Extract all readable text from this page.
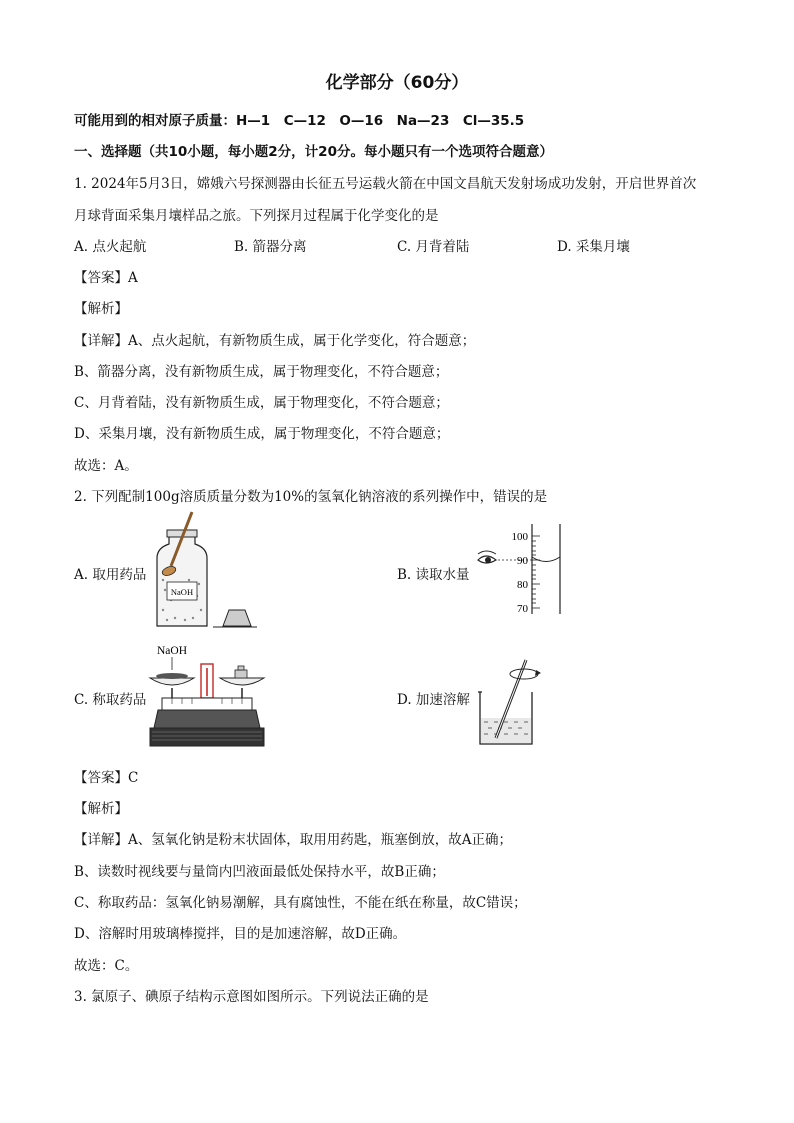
化学部分（60分）
可能用到的相对原子质量：H—1　C—12　O—16　Na—23　Cl—35.5
一、选择题（共10小题，每小题2分，计20分。每小题只有一个选项符合题意）
1. 2024年5月3日，嫦娥六号探测器由长征五号运载火箭在中国文昌航天发射场成功发射，开启世界首次
月球背面采集月壤样品之旅。下列探月过程属于化学变化的是
A. 点火起航	B. 箭器分离	C. 月背着陆	D. 采集月壤
【答案】A
【解析】
【详解】A、点火起航，有新物质生成，属于化学变化，符合题意；
B、箭器分离，没有新物质生成，属于物理变化，不符合题意；
C、月背着陆，没有新物质生成，属于物理变化，不符合题意；
D、采集月壤，没有新物质生成，属于物理变化，不符合题意；
故选：A。
2. 下列配制100g溶质质量分数为10%的氢氧化钠溶液的系列操作中，错误的是
A. 取用药品
NaOH
B. 读取水量
100
90
80
70
C. 称取药品
NaOH
D. 加速溶解
【答案】C
【解析】
【详解】A、氢氧化钠是粉末状固体，取用用药匙，瓶塞倒放，故A正确；
B、读数时视线要与量筒内凹液面最低处保持水平，故B正确；
C、称取药品：氢氧化钠易潮解，具有腐蚀性，不能在纸在称量，故C错误；
D、溶解时用玻璃棒搅拌，目的是加速溶解，故D正确。
故选：C。
3. 氯原子、碘原子结构示意图如图所示。下列说法正确的是
